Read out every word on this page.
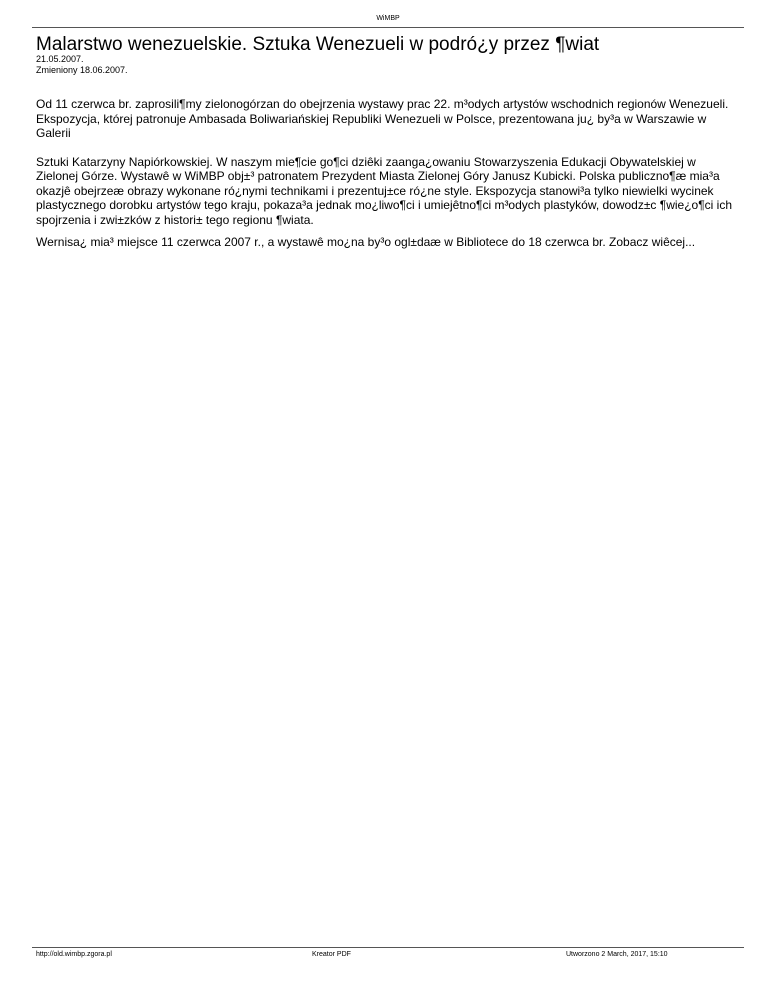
WiMBP
Malarstwo wenezuelskie. Sztuka Wenezueli w podró¿y przez ¶wiat
21.05.2007.
Zmieniony 18.06.2007.

Od 11 czerwca br. zaprosili¶my zielonogórzan do obejrzenia wystawy prac 22. m³odych artystów wschodnich regionów Wenezueli. Ekspozycja, której patronuje Ambasada Boliwariańskiej Republiki Wenezueli w Polsce, prezentowana ju¿ by³a w Warszawie w Galerii

Sztuki Katarzyny Napiórkowskiej. W naszym mie¶cie go¶ci dziêki zaanga¿owaniu Stowarzyszenia Edukacji Obywatelskiej w Zielonej Górze. Wystawê w WiMBP obj±³ patronatem Prezydent Miasta Zielonej Góry Janusz Kubicki. Polska publiczno¶æ mia³a okazjê obejrzeæ obrazy wykonane ró¿nymi technikami i prezentuj±ce ró¿ne style. Ekspozycja stanowi³a tylko niewielki wycinek plastycznego dorobku artystów tego kraju, pokaza³a jednak mo¿liwo¶ci i umiejêtno¶ci m³odych plastyków, dowodz±c ¶wie¿o¶ci ich spojrzenia i zwi±zków z histori± tego regionu ¶wiata.

Wernisa¿ mia³ miejsce 11 czerwca 2007 r., a wystawê mo¿na by³o ogl±daæ w Bibliotece do 18 czerwca br. Zobacz wiêcej...

http://old.wimbp.zgora.pl	Kreator PDF	Utworzono 2 March, 2017, 15:10
